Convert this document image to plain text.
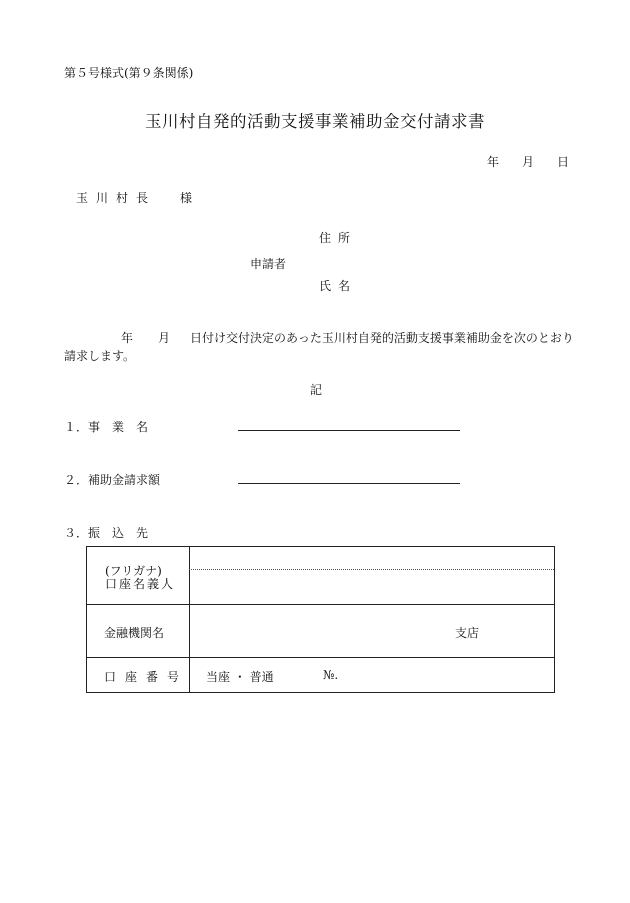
第５号様式(第９条関係)
玉川村自発的活動支援事業補助金交付請求書
年 月 日
玉川村長 様
住所
申請者
氏名
年 月 日付け交付決定のあった玉川村自発的活動支援事業補助金を次のとおり
請求します。
記
１．事　業　名
２．補助金請求額
３．振　込　先
(フリガナ)
口座名義人
金融機関名	支店
口座番号 当座 ・ 普通	№.
